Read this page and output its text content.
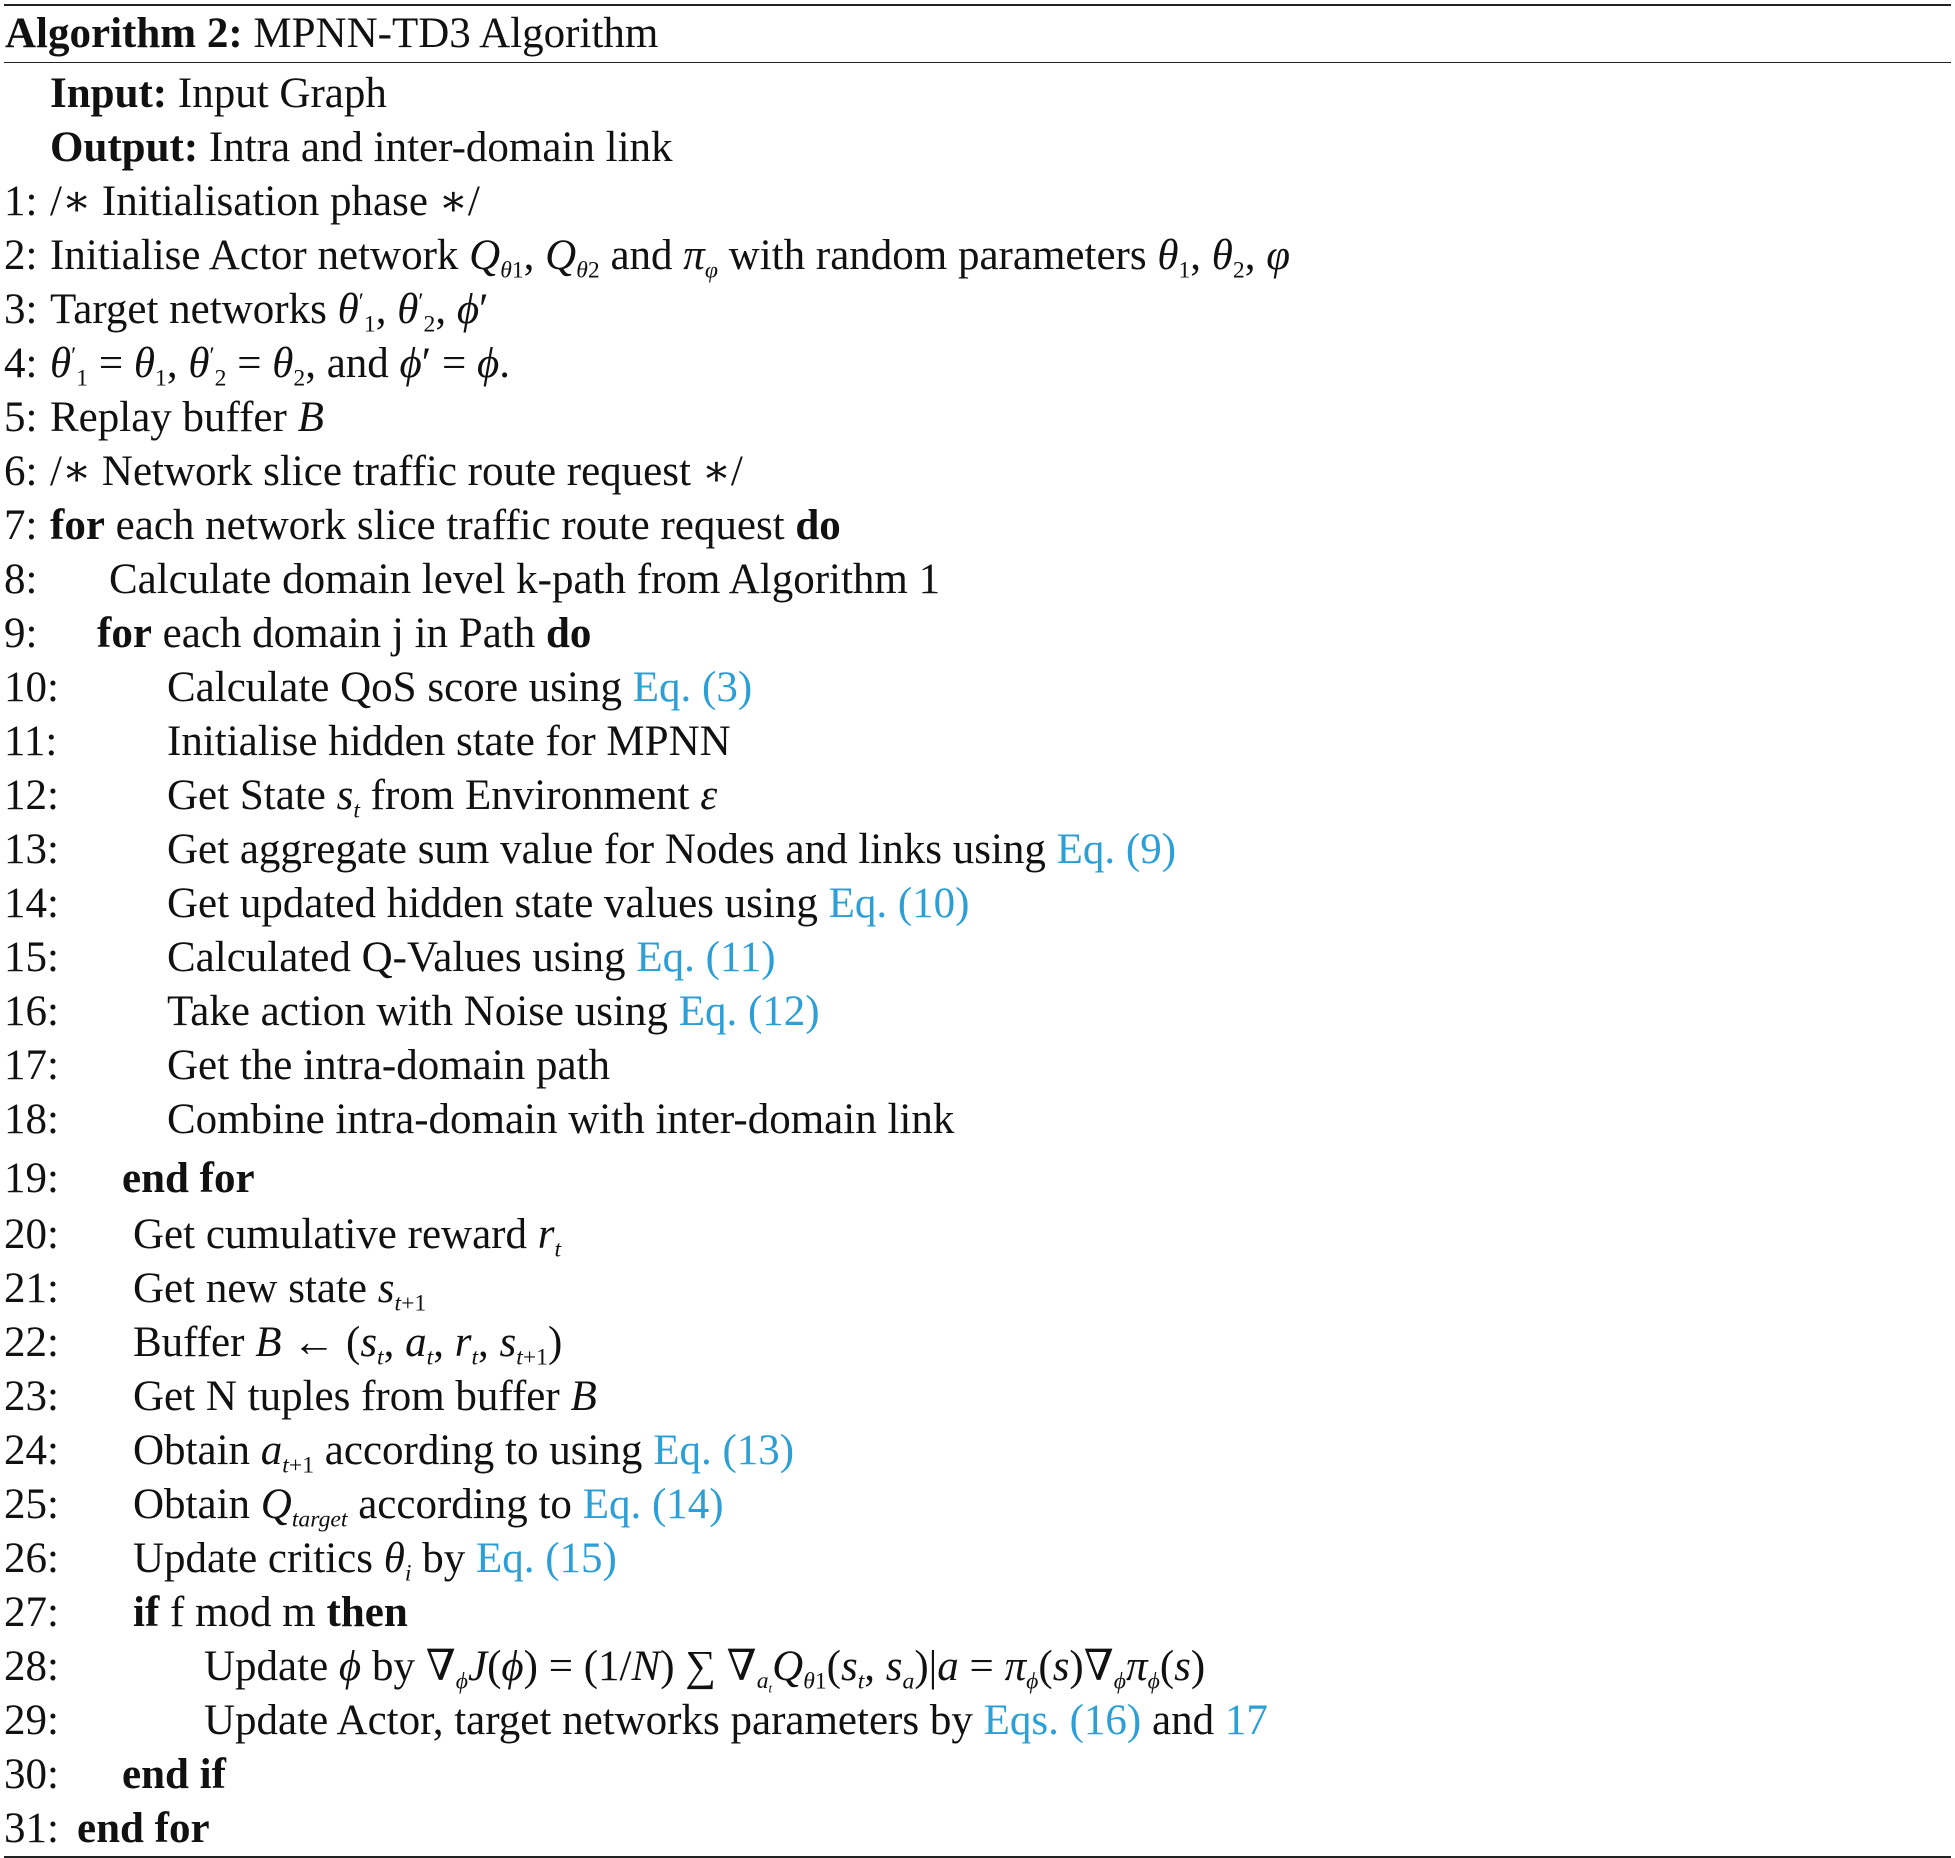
Algorithm 2: MPNN-TD3 Algorithm
Input: Input Graph
Output: Intra and inter-domain link
1: /∗ Initialisation phase ∗/
2: Initialise Actor network $Q_{\theta 1}$, $Q_{\theta 2}$ and $\pi_\varphi$ with random parameters $\theta_1$, $\theta_2$, φ
3: Target networks $\theta'_1$, $\theta'_2$, ϕ′
4: $\theta'_1 = \theta_1$, $\theta'_2 = \theta_2$, and ϕ′ = ϕ.
5: Replay buffer B
6: /∗ Network slice traffic route request ∗/
7: for each network slice traffic route request do
8: Calculate domain level k-path from Algorithm 1
9: for each domain j in Path do
10:	Calculate QoS score using Eq. (3)
11:	Initialise hidden state for MPNN
12:	Get State $s_t$ from Environment ε
13:	Get aggregate sum value for Nodes and links using Eq. (9)
14:	Get updated hidden state values using Eq. (10)
15:	Calculated Q-Values using Eq. (11)
16:	Take action with Noise using Eq. (12)
17:	Get the intra-domain path
18:	Combine intra-domain with inter-domain link
19: end for
20: Get cumulative reward $r_t$
21: Get new state $s_{t+1}$
22: Buffer B ← ($s_t$, $a_t$, $r_t$, $s_{t+1}$)
23: Get N tuples from buffer B
24: Obtain $a_{t+1}$ according to using Eq. (13)
25: Obtain $Q_{target}$ according to Eq. (14)
26: Update critics $\theta_i$ by Eq. (15)
27: if f mod m then
28:	Update ϕ by $\nabla_\phi J(\phi) = (1/N)$ ∑ $\nabla_{a_t}Q_{\theta 1}(s_t$, $s_a)|a = \pi_\phi(s)\nabla_\phi\pi_\phi(s)$
29:	Update Actor, target networks parameters by Eqs. (16) and 17
30: end if
31: end for
